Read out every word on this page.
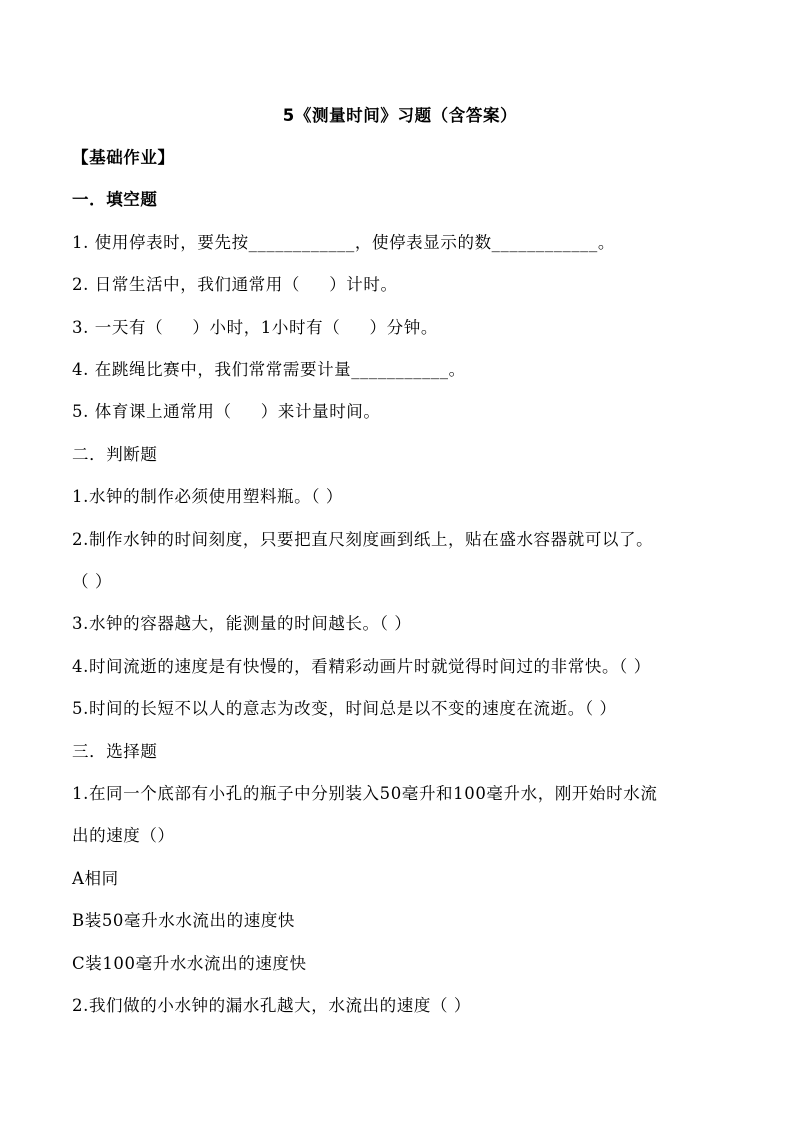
5《测量时间》习题（含答案）
【基础作业】
一．填空题
1. 使用停表时，要先按____________，使停表显示的数____________。
2. 日常生活中，我们通常用（     ）计时。
3. 一天有（     ）小时，1小时有（     ）分钟。
4. 在跳绳比赛中，我们常常需要计量___________。
5. 体育课上通常用（     ）来计量时间。
二．判断题
1.水钟的制作必须使用塑料瓶。（ ）
2.制作水钟的时间刻度，只要把直尺刻度画到纸上，贴在盛水容器就可以了。
（ ）
3.水钟的容器越大，能测量的时间越长。（ ）
4.时间流逝的速度是有快慢的，看精彩动画片时就觉得时间过的非常快。（ ）
5.时间的长短不以人的意志为改变，时间总是以不变的速度在流逝。（ ）
三．选择题
1.在同一个底部有小孔的瓶子中分别装入50毫升和100毫升水，刚开始时水流
出的速度（）
A相同
B装50毫升水水流出的速度快
C装100毫升水水流出的速度快
2.我们做的小水钟的漏水孔越大，水流出的速度（ ）
